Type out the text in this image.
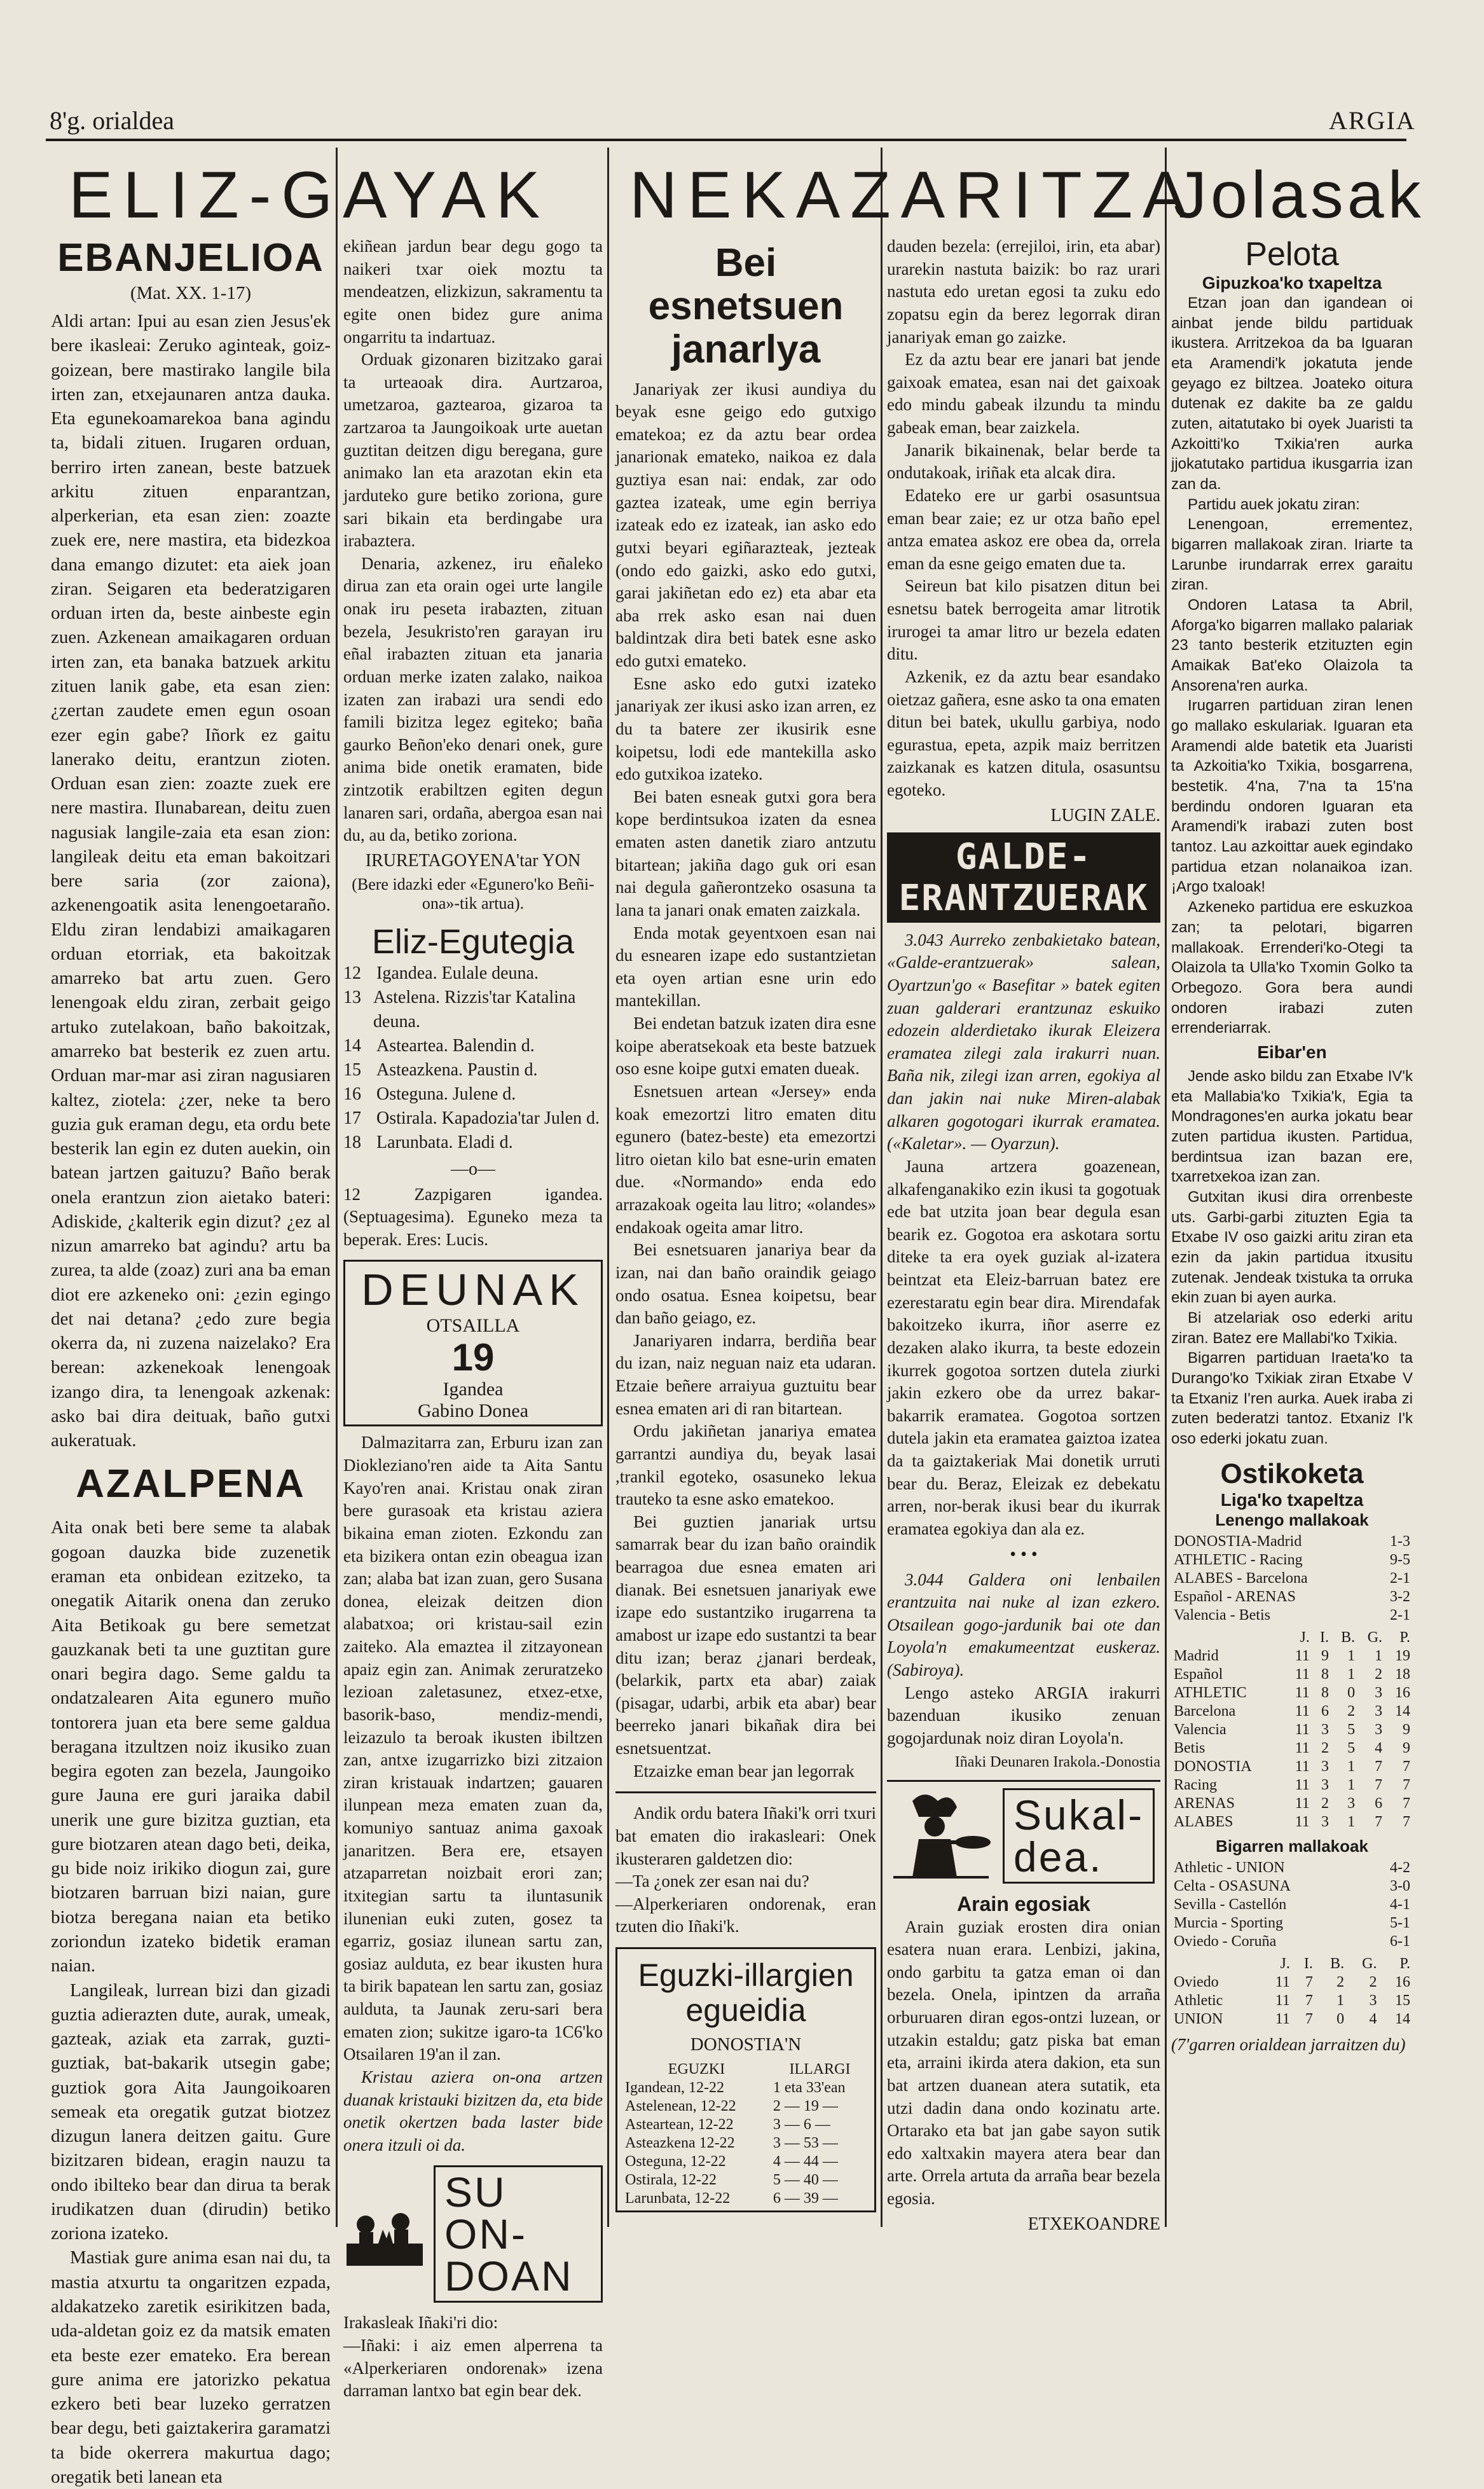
8'g. orialdea	ARGIA
ELIZ-GAYAK NEKAZARITZA
Jolasak
EBANJELIOA
(Mat. XX. 1-17)

Aldi artan: Ipui au esan zien Jesus'ek bere ikasleai: Zeruko aginteak, goiz-goizean, bere mastirako langile bila irten zan, etxejaunaren antza dauka. Eta egunekoamarekoa bana agindu ta, bidali zituen. Irugaren orduan, berriro irten zanean, beste batzuek arkitu zituen enparantzan, alperkerian, eta esan zien: zoazte zuek ere, nere mastira, eta bidezkoa dana emango dizutet: eta aiek joan ziran. Seigaren eta bederatzigaren orduan irten da, beste ainbeste egin zuen. Azkenean amaikagaren orduan irten zan, eta banaka batzuek arkitu zituen lanik gabe, eta esan zien: ¿zertan zaudete emen egun osoan ezer egin gabe? Iñork ez gaitu lanerako deitu, erantzun zioten. Orduan esan zien: zoazte zuek ere nere mastira. Ilunabarean, deitu zuen nagusiak langile-zaia eta esan zion: langileak deitu eta eman bakoitzari bere saria (zor zaiona), azkenengoatik asita lenengoetaraño. Eldu ziran lendabizi amaikagaren orduan etorriak, eta bakoitzak amarreko bat artu zuen. Gero lenengoak eldu ziran, zerbait geigo artuko zutelakoan, baño bakoitzak, amarreko bat besterik ez zuen artu. Orduan mar-mar asi ziran nagusiaren kaltez, ziotela: ¿zer, neke ta bero guzia guk eraman degu, eta ordu bete besterik lan egin ez duten auekin, oin batean jartzen gaituzu? Baño berak onela erantzun zion aietako bateri: Adiskide, ¿kalterik egin dizut? ¿ez al nizun amarreko bat agindu? artu ba zurea, ta alde (zoaz) zuri ana ba eman diot ere azkeneko oni: ¿ezin egingo det nai detana? ¿edo zure begia okerra da, ni zuzena naizelako? Era berean: azkenekoak lenengoak izango dira, ta lenengoak azkenak: asko bai dira deituak, baño gutxi aukeratuak.

AZALPENA

Aita onak beti bere seme ta alabak gogoan dauzka bide zuzenetik eraman eta onbidean ezitzeko, ta onegatik Aitarik onena dan zeruko Aita Betikoak gu bere semetzat gauzkanak beti ta une guztitan gure onari begira dago. Seme galdu ta ondatzalearen Aita egunero muño tontorera juan eta bere seme galdua beragana itzultzen noiz ikusiko zuan begira egoten zan bezela, Jaungoiko gure Jauna ere guri jaraika dabil unerik une gure bizitza guztian, eta gure biotzaren atean dago beti, deika, gu bide noiz irikiko diogun zai, gure biotzaren barruan bizi naian, gure biotza beregana naian eta betiko zoriondun izateko bidetik eraman naian.

Langileak, lurrean bizi dan gizadi guztia adierazten dute, aurak, umeak, gazteak, aziak eta zarrak, guzti-guztiak, bat-bakarik utsegin gabe; guztiok gora Aita Jaungoikoaren semeak eta oregatik gutzat biotzez dizugun lanera deitzen gaitu. Gure bizitzaren bidean, eragin nauzu ta ondo ibilteko bear dan dirua ta berak irudikatzen duan (dirudin) betiko zoriona izateko.

Mastiak gure anima esan nai du, ta mastia atxurtu ta ongaritzen ezpada, aldakatzeko zaretik esirikitzen bada, uda-aldetan goiz ez da matsik ematen eta beste ezer emateko. Era berean gure anima ere jatorizko pekatua ezkero beti bear luzeko gerratzen bear degu, beti gaiztakerira garamatzi ta bide okerrera makurtua dago; oregatik beti lanean eta

ekiñean jardun bear degu gogo ta naikeri txar oiek moztu ta mendeatzen, elizkizun, sakramentu ta egite onen bidez gure anima ongarritu ta indartuaz.

Orduak gizonaren bizitzako garai ta urteaoak dira. Aurtzaroa, umetzaroa, gaztearoa, gizaroa ta zartzaroa ta Jaungoikoak urte auetan guztitan deitzen digu beregana, gure animako lan eta arazotan ekin eta jarduteko gure betiko zoriona, gure sari bikain eta berdingabe ura irabaztera.

Denaria, azkenez, iru eñaleko dirua zan eta orain ogei urte langile onak iru peseta irabazten, zituan bezela, Jesukristo'ren garayan iru eñal irabazten zituan eta janaria orduan merke izaten zalako, naikoa izaten zan irabazi ura sendi edo famili bizitza legez egiteko; baña gaurko Beñon'eko denari onek, gure anima bide onetik eramaten, bide zintzotik erabiltzen egiten degun lanaren sari, ordaña, abergoa esan nai du, au da, betiko zoriona.

IRURETAGOYENA'tar YON
(Bere idazki eder «Egunero'ko Beñi-ona»-tik artua).
Eliz-Egutegia
12 Igandea. Eulale deuna.
13 Astelena. Rizzis'tar Katalina deuna.
14 Astearteа. Balendin d.
15 Asteazkena. Paustin d.
16 Osteguna. Julene d.
17 Ostirala. Kapadozia'tar Julen d.
18 Larunbata. Eladi d.
—o—

12 Zazpigaren igandea. (Septuagesima). Eguneko meza ta beperak. Eres: Lucis.

DEUNAK
OTSAILLA
19
Igandea
Gabino Donea

Dalmazitarra zan, Erburu izan zan Diokleziano'ren aide ta Aita Santu Kayo'ren anai. Kristau onak ziran bere gurasoak eta kristau aziera bikaina eman zioten. Ezkondu zan eta bizikera ontan ezin obeagua izan zan; alaba bat izan zuan, gero Susana donea, eleizak deitzen dion alabatxoa; ori kristau-sail ezin zaiteko. Ala emaztea il zitzayonean apaiz egin zan. Animak zeruratzeko lezioan zaletasunez, etxez-etxe, basorik-baso, mendiz-mendi, leizazulo ta beroak ikusten ibiltzen zan, antxe izugarrizko bizi zitzaion ziran kristauak indartzen; gauaren ilunpean meza ematen zuan da, komuniyo santuaz anima gaxoak janaritzen. Bera ere, etsayen atzaparretan noizbait erori zan; itxitegian sartu ta iluntasunik ilunenian euki zuten, gosez ta egarriz, gosiaz ilunean sartu zan, gosiaz aulduta, ez bear ikusten hura ta birik bapatean len sartu zan, gosiaz aulduta, ta Jaunak zeru-sari bera ematen zion; sukitze igaro-ta 1C6'ko Otsailaren 19'an il zan.

Kristau aziera on-ona artzen duanak kristauki bizitzen da, eta bide onetik okertzen bada laster bide onera itzuli oi da.

SU ON-
DOAN

Irakasleak Iñaki'ri dio:

—Iñaki: i aiz emen alperrena ta «Alperkeriaren ondorenak» izena darraman lantxo bat egin bear dek.

Bei esnetsuen
janarlya

Janariyak zer ikusi aundiya du beyak esne geigo edo gutxigo ematekoa; ez da aztu bear ordea janarionak emateko, naikoa ez dala guztiya esan nai: endak, zar odo gaztea izateak, ume egin berriya izateak edo ez izateak, ian asko edo gutxi beyari egiñarazteak, jezteak (ondo edo gaizki, asko edo gutxi, garai jakiñetan edo ez) eta abar eta aba rrek asko esan nai duen baldintzak dira beti batek esne asko edo gutxi emateko.

Esne asko edo gutxi izateko janariyak zer ikusi asko izan arren, ez du ta batere zer ikusirik esne koipetsu, lodi ede mantekilla asko edo gutxikoa izateko.

Bei baten esneak gutxi gora bera kope berdintsukoa izaten da esnea ematen asten danetik ziaro antzutu bitartean; jakiña dago guk ori esan nai degula gañerontzeko osasuna ta lana ta janari onak ematen zaizkala.

Enda motak geyentxoen esan nai du esnearen izape edo sustantzietan eta oyen artian esne urin edo mantekillan.

Bei endetan batzuk izaten dira esne koipe aberatsekoak eta beste batzuek oso esne koipe gutxi ematen dueak.

Esnetsuen artean «Jersey» enda koak emezortzi litro ematen ditu egunero (batez-beste) eta emezortzi litro oietan kilo bat esne-urin ematen due. «Normando» enda edo arrazakoak ogeita lau litro; «olandes» endakoak ogeita amar litro.

Bei esnetsuaren janariya bear da izan, nai dan baño oraindik geiago ondo osatua. Esnea koipetsu, bear dan baño geiago, ez.

Janariyaren indarra, berdiña bear du izan, naiz neguan naiz eta udaran. Etzaie beñere arraiyua guztuitu bear esnea ematen ari di ran bitartean.

Ordu jakiñetan janariya ematea garrantzi aundiya du, beyak lasai ,trankil egoteko, osasuneko lekua trauteko ta esne asko ematekoo.

Bei guztien janariak urtsu samarrak bear du izan baño oraindik bearragoa due esnea ematen ari dianak. Bei esnetsuen janariyak ewe izape edo sustantziko irugarrena ta amabost ur izape edo sustantzi ta bear ditu izan; beraz ¿janari berdeak, (belarkik, partx eta abar) zaiak (pisagar, udarbi, arbik eta abar) bear beerreko janari bikañak dira bei esnetsuentzat.

Etzaizke eman bear jan legorrak

Andik ordu batera Iñaki'k orri txuri bat ematen dio irakasleari: Onek ikusteraren galdetzen dio:

—Ta ¿onek zer esan nai du?

—Alperkeriaren ondorenak, eran tzuten dio Iñaki'k.

Eguzki-illargien
egueidia
DONOSTIA'N
EGUZKI	ILLARGI
Igandean, 12-22	1 eta 33'ean
Astelenean, 12-22	2 — 19 —
Astearteаn, 12-22	3 — 6 —
Asteazkena 12-22	3 — 53 —
Osteguna, 12-22	4 — 44 —
Ostirala, 12-22	5 — 40 —
Larunbata, 12-22	6 — 39 —

dauden bezela: (errejiloi, irin, eta abar) urarekin nastuta baizik: bo raz urari nastuta edo uretan egosi ta zuku edo zopatsu egin da berez legorrak diran janariyak eman go zaizke.

Ez da aztu bear ere janari bat jende gaixoak ematea, esan nai det gaixoak edo mindu gabeak ilzundu ta mindu gabeak eman, bear zaizkela.

Janarik bikainenak, belar berde ta ondutakoak, iriñak eta alcak dira.

Edateko ere ur garbi osasuntsua eman bear zaie; ez ur otza baño epel antza ematea askoz ere obea da, orrela eman da esne geigo ematen due ta.

Seireun bat kilo pisatzen ditun bei esnetsu batek berrogeita amar litrotik irurogei ta amar litro ur bezela edaten ditu.

Azkenik, ez da aztu bear esandako oietzaz gañera, esne asko ta ona ematen ditun bei batek, ukullu garbiya, nodo egurastua, epeta, azpik maiz berritzen zaizkanak es katzen ditula, osasuntsu egoteko.

LUGIN ZALE.
GALDE-ERANTZUERAK

3.043 Aurreko zenbakietako batean, «Galde-erantzuerak» salean, Oyartzun'go « Basefitar » batek egiten zuan galderari erantzunaz eskuiko edozein alderdietako ikurak Eleizera eramatea zilegi zala irakurri nuan. Baña nik, zilegi izan arren, egokiya al dan jakin nai nuke Miren-alabak alkaren gogotogari ikurrak eramatea. («Kaletar». — Oyarzun).

Jauna artzera goazenean, alkafenganakiko ezin ikusi ta gogotuak ede bat utzita joan bear degula esan bearik ez. Gogotoa era askotara sortu diteke ta era oyek guziak al-izatera beintzat eta Eleiz-barruan batez ere ezerestaratu egin bear dira. Mirendafak bakoitzeko ikurra, iñor aserre ez dezaken alako ikurra, ta beste edozein ikurrek gogotoa sortzen dutela ziurki jakin ezkero obe da urrez bakar-bakarrik eramatea. Gogotoa sortzen dutela jakin eta eramatea gaiztoa izatea da ta gaiztakeriak Mai donetik urruti bear du. Beraz, Eleizak ez debekatu arren, nor-berak ikusi bear du ikurrak eramatea egokiya dan ala ez.

• • •

3.044 Galdera oni lenbailen erantzuita nai nuke al izan ezkero. Otsailean gogo-jardunik bai ote dan Loyola'n emakumeentzat euskeraz. (Sabiroya).

Lengo asteko ARGIA irakurri bazenduan ikusiko zenuan gogojardunak noiz diran Loyola'n.

Iñaki Deunaren Irakola.-Donostia
Sukal-
dea.
Arain egosiak

Arain guziak erosten dira onian esatera nuan erara. Lenbizi, jakina, ondo garbitu ta gatza eman oi dan bezela. Onela, ipintzen da arraña orburuaren diran egos-ontzi luzean, or utzakin estaldu; gatz piska bat eman eta, arraini ikirda atera dakion, eta sun bat artzen duanean atera sutatik, eta utzi dadin dana ondo kozinatu arte. Ortarako eta bat jan gabe sayon sutik edo xaltxakin mayera atera bear dan arte. Orrela artuta da arraña bear bezela egosia.

ETXEKOANDRE
Pelota
Gipuzkoa'ko txapeltza

Etzan joan dan igandean oi ainbat jende bildu partiduak ikustera. Arritzekoa da ba Iguaran eta Aramendi'k jokatuta jende geyago ez biltzea. Joateko oitura dutenak ez dakite ba ze galdu zuten, aitatutako bi oyek Juaristi ta Azkoitti'ko Txikia'ren aurka jjokatutako partidua ikusgarria izan zan da.

Partidu auek jokatu ziran:

Lenengoan, errementez, bigarren mallakoak ziran. Iriarte ta Larunbe irundarrak errex garaitu ziran.

Ondoren Latasa ta Abril, Aforga'ko bigarren mallako palariak 23 tanto besterik etzituzten egin Amaikak Bat'eko Olaizola ta Ansorena'ren aurka.

Irugarren partiduan ziran lenen go mallako eskulariak. Iguaran eta Aramendi alde batetik eta Juaristi ta Azkoitia'ko Txikia, bosgarrena, bestetik. 4'na, 7'na ta 15'na berdindu ondoren Iguaran eta Aramendi'k irabazi zuten bost tantoz. Lau azkoittar auek egindako partidua etzan nolanaikoa izan. ¡Argo txaloak!

Azkeneko partidua ere eskuzkoa zan; ta pelotari, bigarren mallakoak. Errenderi'ko-Otegi ta Olaizola ta Ulla'ko Txomin Golko ta Orbegozo. Gora bera aundi ondoren irabazi zuten errenderiarrak.

Eibar'en

Jende asko bildu zan Etxabe IV'k eta Mallabia'ko Txikia'k, Egia ta Mondragones'en aurka jokatu bear zuten partidua ikusten. Partidua, berdintsua izan bazan ere, txarretxekoa izan zan.

Gutxitan ikusi dira orrenbeste uts. Garbi-garbi zituzten Egia ta Etxabe IV oso gaizki aritu ziran eta ezin da jakin partidua itxusitu zutenak. Jendeak txistuka ta orruka ekin zuan bi ayen aurka.

Bi atzelariak oso ederki aritu ziran. Batez ere Mallabi'ko Txikia.

Bigarren partiduan Iraeta'ko ta Durango'ko Txikiak ziran Etxabe V ta Etxaniz I'ren aurka. Auek iraba zi zuten bederatzi tantoz. Etxaniz I'k oso ederki jokatu zuan.

Ostikoketa
Liga'ko txapeltza
Lenengo mallakoak
DONOSTIA-Madrid	1-3
ATHLETIC - Racing	9-5
ALABES - Barcelona	2-1
Español - ARENAS	3-2
Valencia - Betis	2-1
	J.	I.	B.	G.	P.
Madrid	11	9	1	1	19
Español	11	8	1	2	18
ATHLETIC	11	8	0	3	16
Barcelona	11	6	2	3	14
Valencia	11	3	5	3	9
Betis	11	2	5	4	9
DONOSTIA	11	3	1	7	7
Racing	11	3	1	7	7
ARENAS	11	2	3	6	7
ALABES	11	3	1	7	7
Bigarren mallakoak
Athletic - UNION	4-2
Celta - OSASUNA	3-0
Sevilla - Castellón	4-1
Murcia - Sporting	5-1
Oviedo - Coruña	6-1
	J.	I.	B.	G.	P.
Oviedo	11	7	2	2	16
Athletic	11	7	1	3	15
UNION	11	7	0	4	14
(7'garren orialdean jarraitzen du)
